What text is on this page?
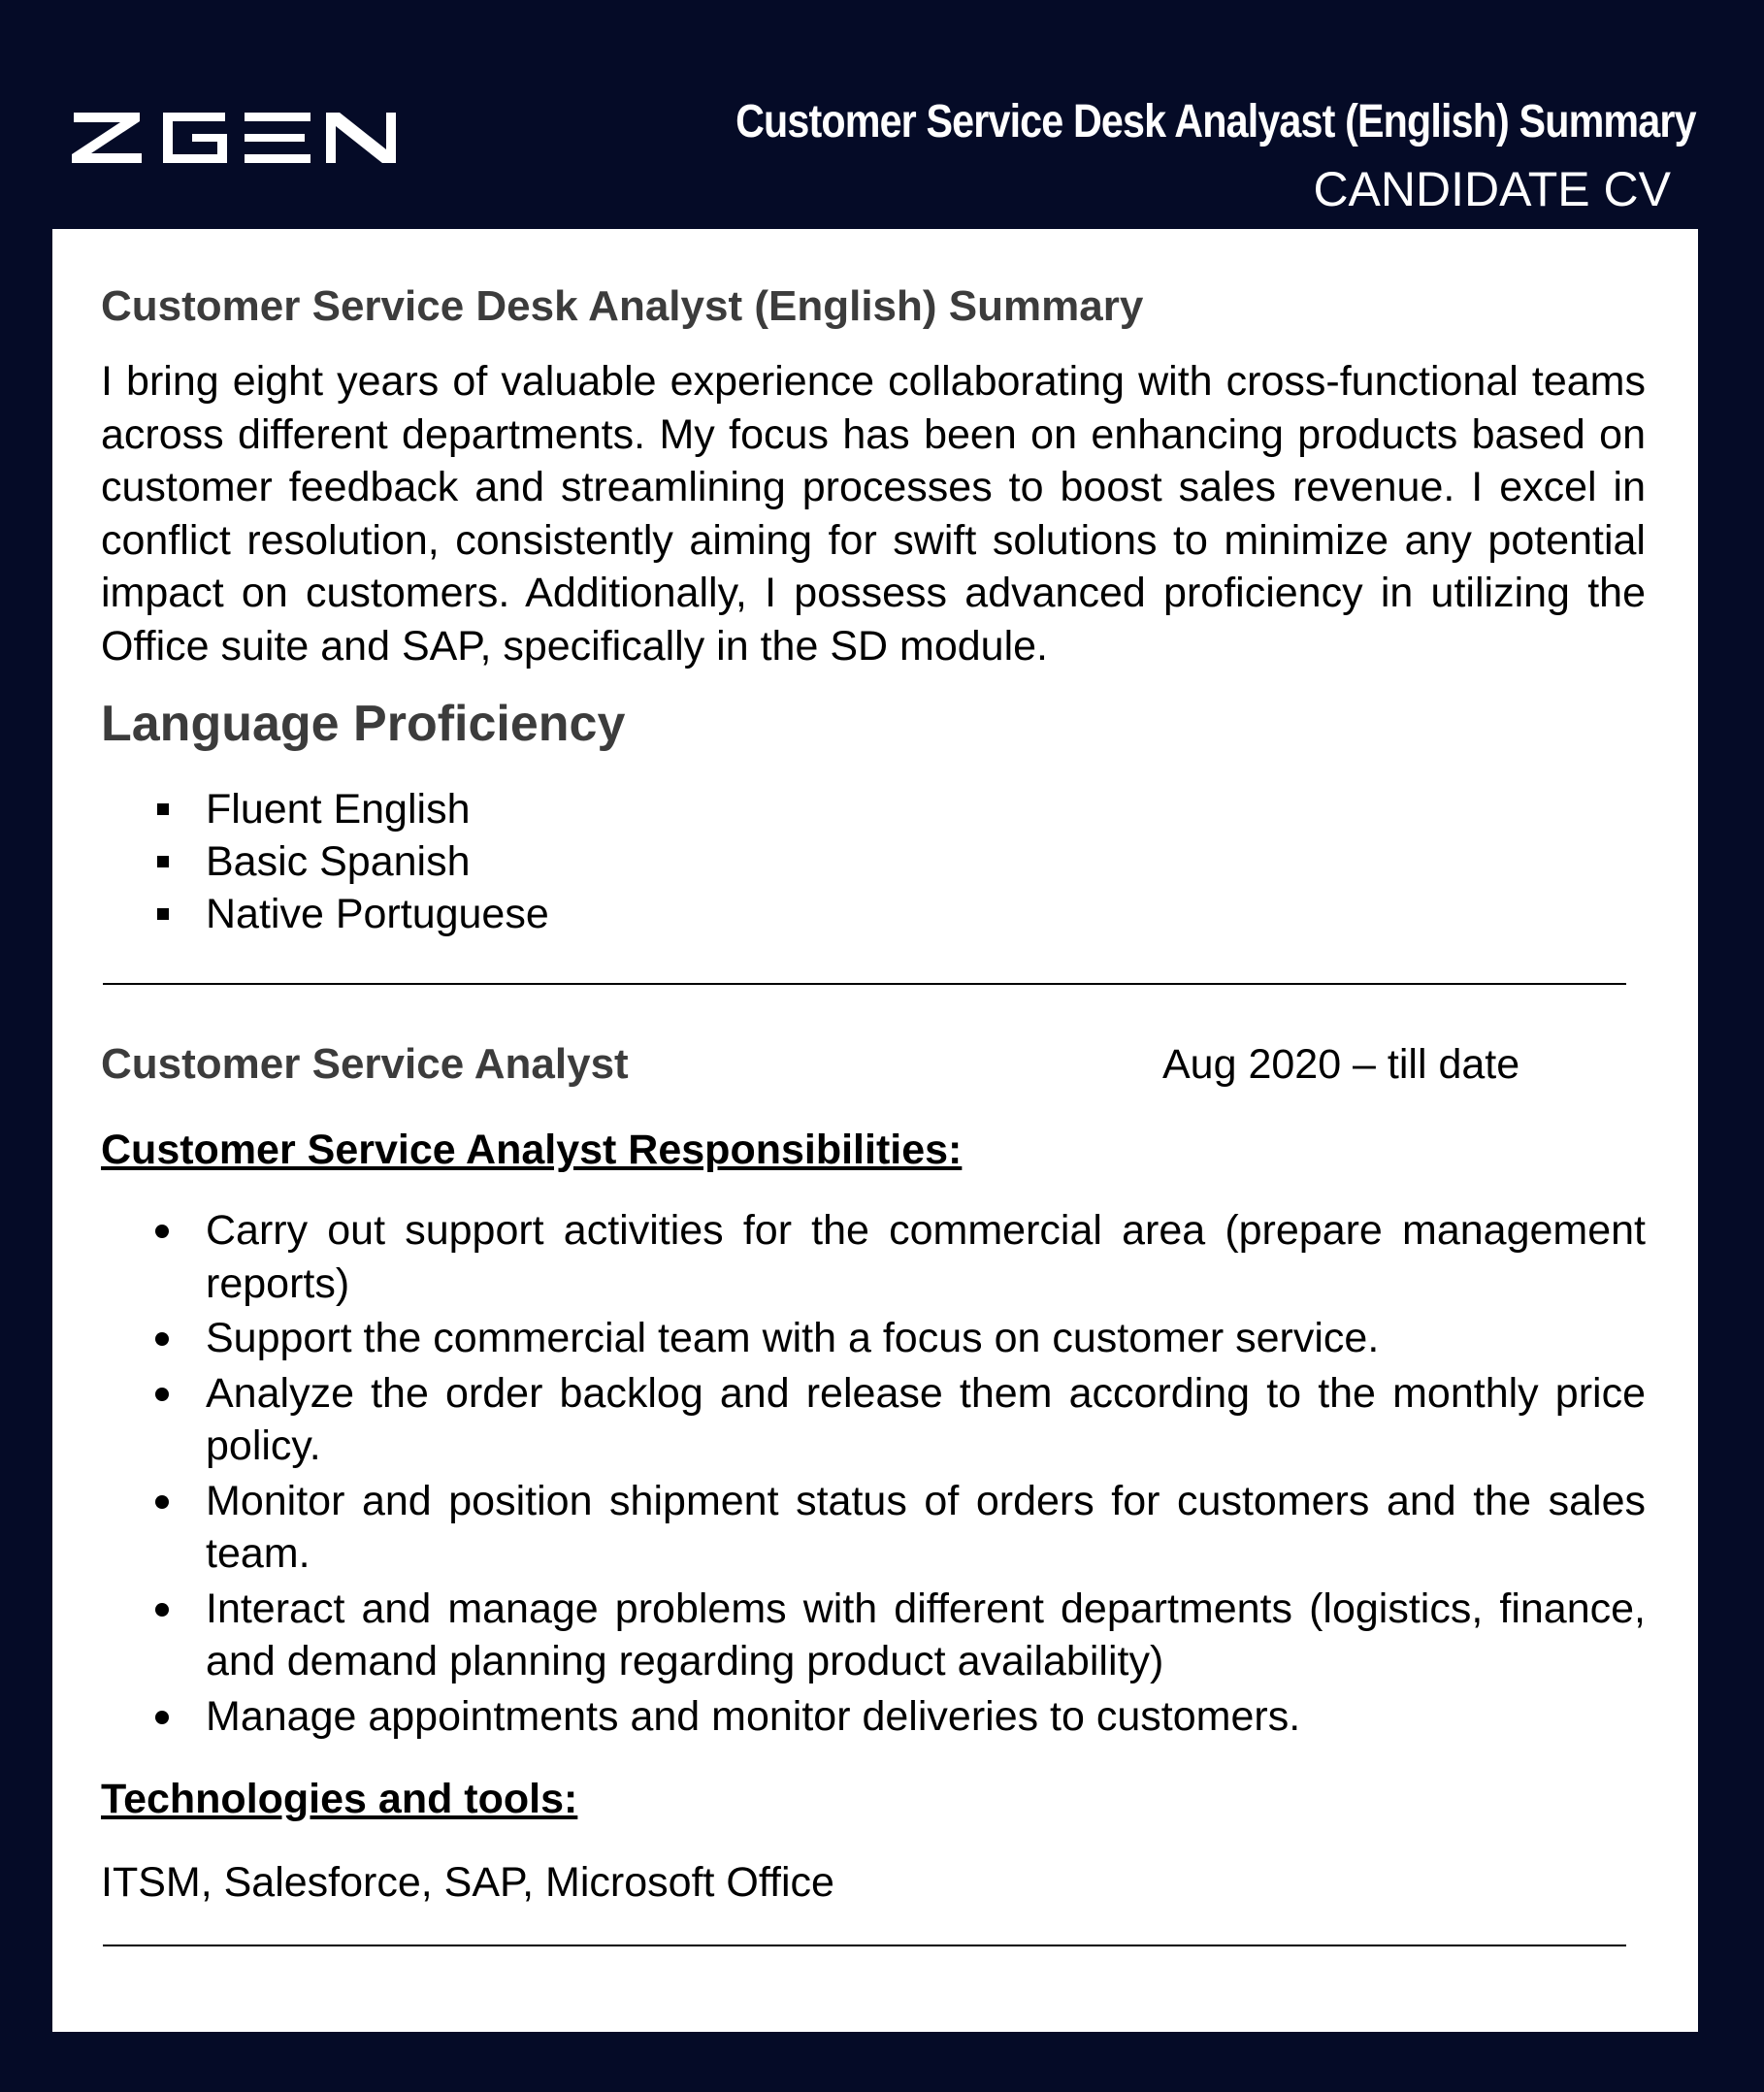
Customer Service Desk Analyast (English) Summary
CANDIDATE CV
Customer Service Desk Analyst (English) Summary

I bring eight years of valuable experience collaborating with cross-functional teams across different departments. My focus has been on enhancing products based on customer feedback and streamlining processes to boost sales revenue. I excel in conflict resolution, consistently aiming for swift solutions to minimize any potential impact on customers. Additionally, I possess advanced proficiency in utilizing the Office suite and SAP, specifically in the SD module.

Language Proficiency
Fluent English
Basic Spanish
Native Portuguese
Customer Service Analyst	Aug 2020 – till date
Customer Service Analyst Responsibilities:
Carry out support activities for the commercial area (prepare management reports)
Support the commercial team with a focus on customer service.
Analyze the order backlog and release them according to the monthly price policy.
Monitor and position shipment status of orders for customers and the sales team.
Interact and manage problems with different departments (logistics, finance, and demand planning regarding product availability)
Manage appointments and monitor deliveries to customers.
Technologies and tools:

ITSM, Salesforce, SAP, Microsoft Office
